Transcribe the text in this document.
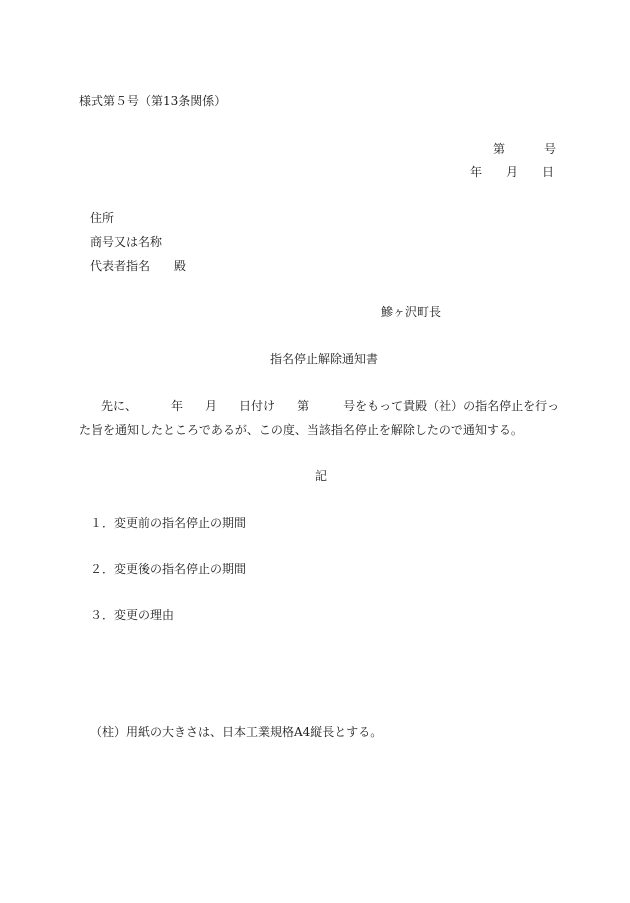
様式第５号（第13条関係）
第	号
年 月 日
住所
商号又は名称
代表者指名 殿
鰺ヶ沢町長
指名停止解除通知書
先に、	年 月 日付け 第	号をもって貴殿（社）の指名停止を行っ
た旨を通知したところであるが、この度、当該指名停止を解除したので通知する。
記
１．変更前の指名停止の期間
２．変更後の指名停止の期間
３．変更の理由
（柱）用紙の大きさは、日本工業規格A4縦長とする。
